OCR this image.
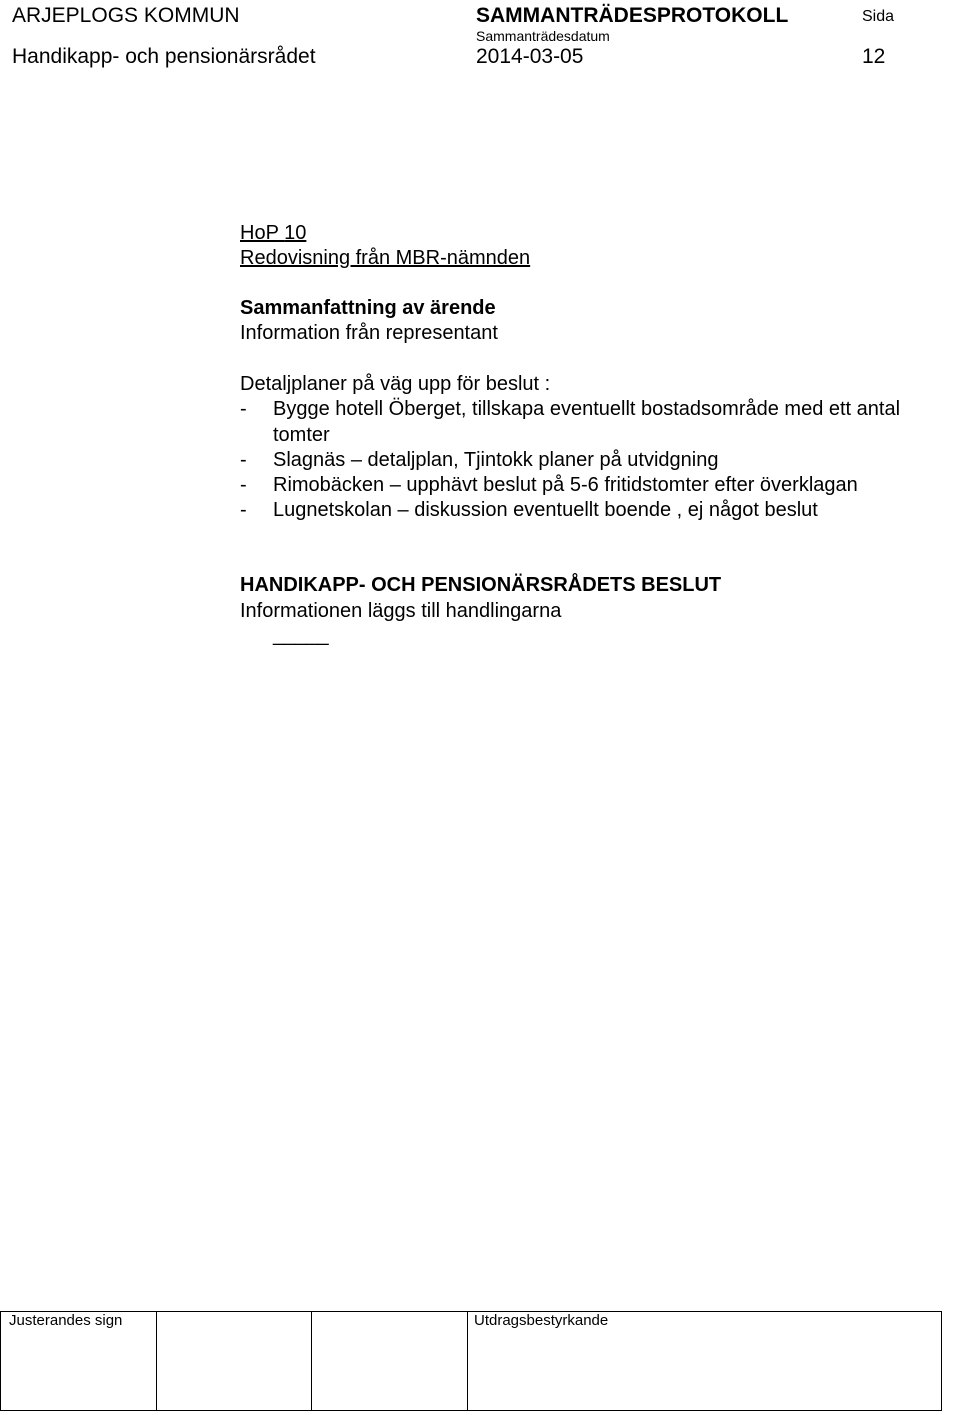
ARJEPLOGS KOMMUN	SAMMANTRÄDESPROTOKOLL	Sida
Handikapp- och pensionärsrådet
Sammanträdesdatum
2014-03-05	12
HoP 10
Redovisning från MBR-nämnden
Sammanfattning av ärende
Information från representant
Detaljplaner på väg upp för beslut :
- Bygge hotell Öberget, tillskapa eventuellt bostadsområde med ett antal
tomter
- Slagnäs – detaljplan, Tjintokk planer på utvidgning
- Rimobäcken – upphävt beslut på 5-6 fritidstomter efter överklagan
- Lugnetskolan – diskussion eventuellt boende , ej något beslut
HANDIKAPP- OCH PENSIONÄRSRÅDETS BESLUT
Informationen läggs till handlingarna
_____
Justerandes sign	Utdragsbestyrkande
